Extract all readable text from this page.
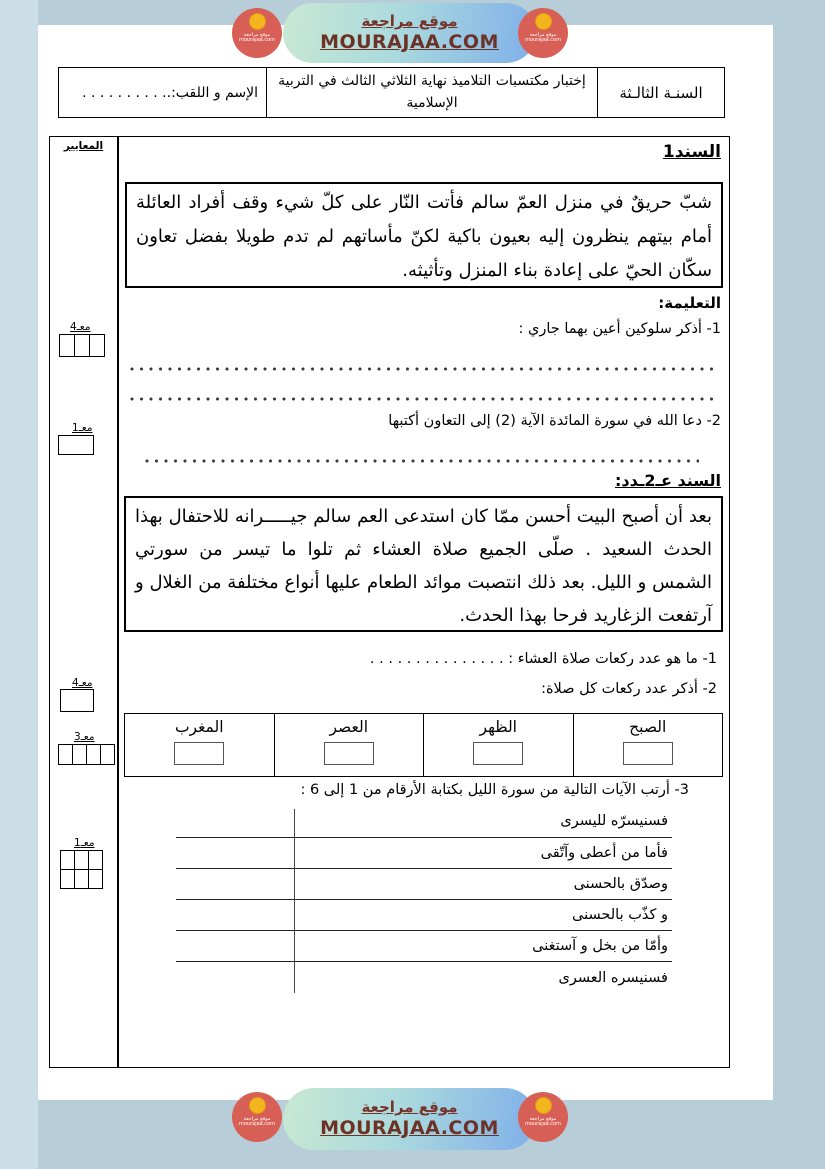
موقع مراجعة
mourajaa.com
موقع مراجعة
MOURAJAA.COM	موقع مراجعة
mourajaa.com
السنـة الثالـثة
إختبار مكتسبات التلاميذ نهاية الثلاثي الثالث في التربية الإسلامية
الإسم و اللقب:.. . . . . . . . . .
المعايير
معـ4
معـ1
معـ4
معـ3
معـ1
السند1
شبّ حريقٌ في منزل العمّ سالم فأتت النّار على كلّ شيء وقف أفراد العائلة أمام بيتهم ينظرون إليه بعيون باكية لكنّ مأساتهم لم تدم طويلا بفضل تعاون سكّان الحيّ على إعادة بناء المنزل وتأثيثه.
التعليمة:
1- أذكر سلوكين أعين بهما جاري :
2- دعا الله في سورة المائدة الآية (2) إلى التعاون أكتبها
السند عـ2ـدد:
بعد أن أصبح البيت أحسن ممّا كان استدعى العم سالم جيـــــرانه للاحتفال بهذا الحدث السعيد . صلّى الجميع صلاة العشاء ثم تلوا ما تيسر من سورتي الشمس و الليل. بعد ذلك انتصبت موائد الطعام عليها أنواع مختلفة من الغلال و آرتفعت الزغاريد فرحا بهذا الحدث.
1- ما هو عدد ركعات صلاة العشاء : . . . . . . . . . . . . . . .
2- أذكر عدد ركعات كل صلاة:
الصبح
الظهر
العصر
المغرب
3- أرتب الآيات التالية من سورة الليل بكتابة الأرقام من 1 إلى 6 :
فسنيسرّه لليسرى
فأما من أعطى وآتّقى
وصدّق بالحسنى
و كذّب بالحسنى
وأمّا من بخل و آستغنى
فسنيسره العسرى
موقع مراجعة
mourajaa.com
موقع مراجعة
MOURAJAA.COM	موقع مراجعة
mourajaa.com
